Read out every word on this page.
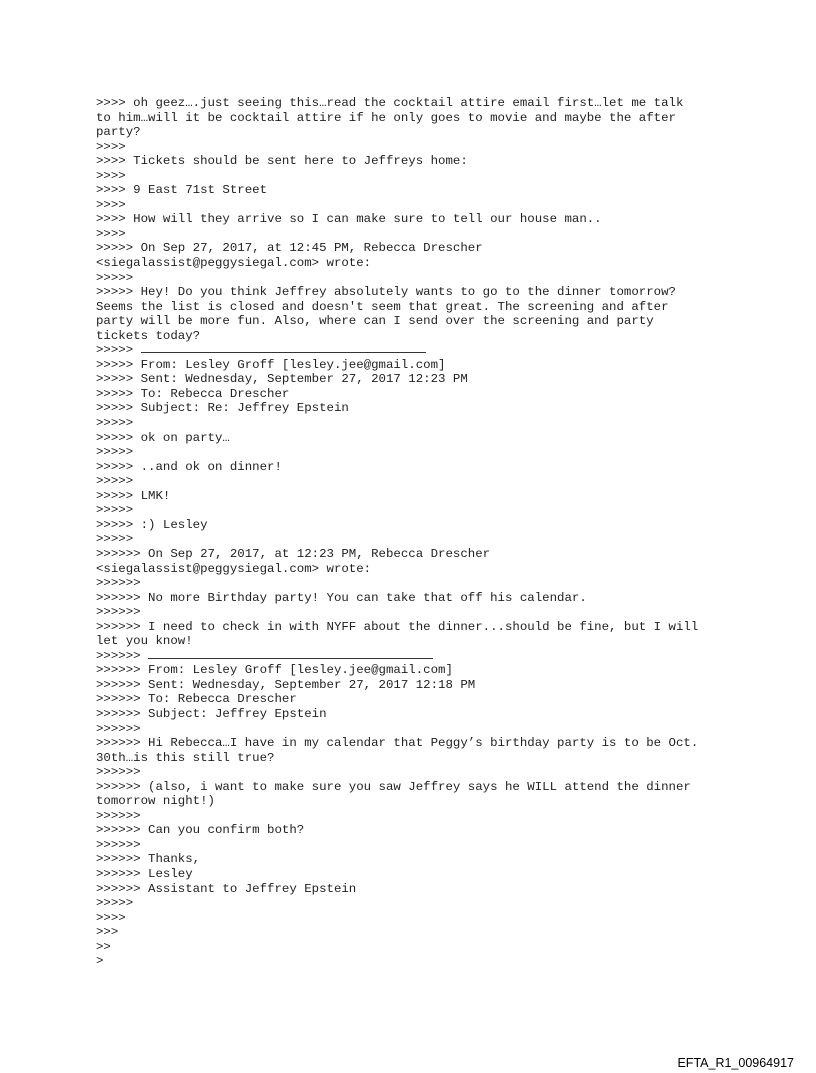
>>>> oh geez….just seeing this…read the cocktail attire email first…let me talk
to him…will it be cocktail attire if he only goes to movie and maybe the after
party?
>>>>
>>>> Tickets should be sent here to Jeffreys home:
>>>>
>>>> 9 East 71st Street
>>>>
>>>> How will they arrive so I can make sure to tell our house man..
>>>>
>>>>> On Sep 27, 2017, at 12:45 PM, Rebecca Drescher
<siegalassist@peggysiegal.com> wrote:
>>>>>
>>>>> Hey! Do you think Jeffrey absolutely wants to go to the dinner tomorrow?
Seems the list is closed and doesn't seem that great. The screening and after
party will be more fun. Also, where can I send over the screening and party
tickets today?
>>>>>
>>>>> From: Lesley Groff [lesley.jee@gmail.com]
>>>>> Sent: Wednesday, September 27, 2017 12:23 PM
>>>>> To: Rebecca Drescher
>>>>> Subject: Re: Jeffrey Epstein
>>>>>
>>>>> ok on party…
>>>>>
>>>>> ..and ok on dinner!
>>>>>
>>>>> LMK!
>>>>>
>>>>> :) Lesley
>>>>>
>>>>>> On Sep 27, 2017, at 12:23 PM, Rebecca Drescher
<siegalassist@peggysiegal.com> wrote:
>>>>>>
>>>>>> No more Birthday party! You can take that off his calendar.
>>>>>>
>>>>>> I need to check in with NYFF about the dinner...should be fine, but I will
let you know!
>>>>>>
>>>>>> From: Lesley Groff [lesley.jee@gmail.com]
>>>>>> Sent: Wednesday, September 27, 2017 12:18 PM
>>>>>> To: Rebecca Drescher
>>>>>> Subject: Jeffrey Epstein
>>>>>>
>>>>>> Hi Rebecca…I have in my calendar that Peggy’s birthday party is to be Oct.
30th…is this still true?
>>>>>>
>>>>>> (also, i want to make sure you saw Jeffrey says he WILL attend the dinner
tomorrow night!)
>>>>>>
>>>>>> Can you confirm both?
>>>>>>
>>>>>> Thanks,
>>>>>> Lesley
>>>>>> Assistant to Jeffrey Epstein
>>>>>
>>>>
>>>
>>
>
EFTA_R1_00964917
